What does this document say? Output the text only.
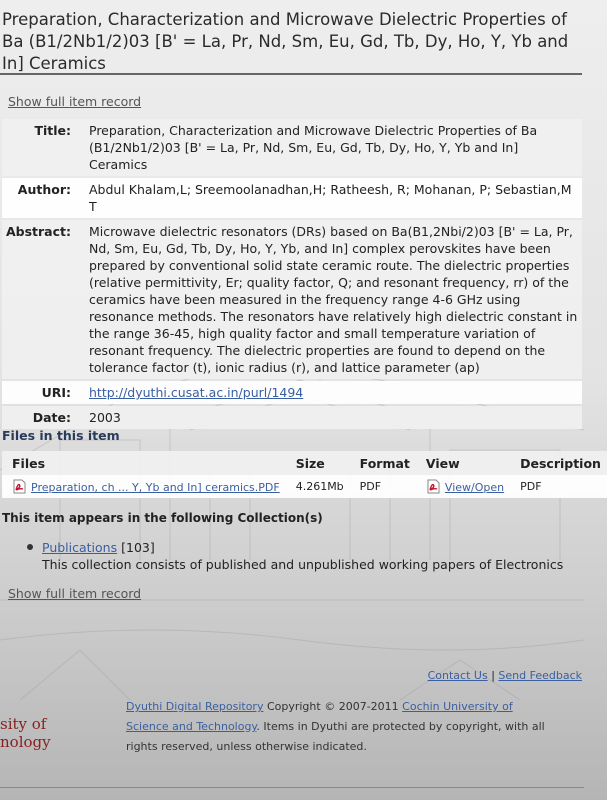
Preparation, Characterization and Microwave Dielectric Properties of Ba (B1/2Nb1/2)03 [B' = La, Pr, Nd, Sm, Eu, Gd, Tb, Dy, Ho, Y, Yb and In] Ceramics
Show full item record
Title:	Preparation, Characterization and Microwave Dielectric Properties of Ba (B1/2Nb1/2)03 [B' = La, Pr, Nd, Sm, Eu, Gd, Tb, Dy, Ho, Y, Yb and In] Ceramics
Author:	Abdul Khalam,L; Sreemoolanadhan,H; Ratheesh, R; Mohanan, P; Sebastian,M T
Abstract:	Microwave dielectric resonators (DRs) based on Ba(B1,2Nbi/2)03 [B' = La, Pr, Nd, Sm, Eu, Gd, Tb, Dy, Ho, Y, Yb, and In] complex perovskites have been prepared by conventional solid state ceramic route. The dielectric properties (relative permittivity, Er; quality factor, Q; and resonant frequency, rr) of the ceramics have been measured in the frequency range 4-6 GHz using resonance methods. The resonators have relatively high dielectric constant in the range 36-45, high quality factor and small temperature variation of resonant frequency. The dielectric properties are found to depend on the tolerance factor (t), ionic radius (r), and lattice parameter (ap)
URI:	http://dyuthi.cusat.ac.in/purl/1494
Date:	2003
Files in this item
Files	Size	Format	View	Description
Preparation, ch ... Y, Yb and In] ceramics.PDF	4.261Mb	PDF	View/Open	PDF
This item appears in the following Collection(s)
Publications [103]
This collection consists of published and unpublished working papers of Electronics
Show full item record
Contact Us | Send Feedback
sity of
nology
Dyuthi Digital Repository Copyright © 2007-2011 Cochin University of Science and Technology. Items in Dyuthi are protected by copyright, with all rights reserved, unless otherwise indicated.
